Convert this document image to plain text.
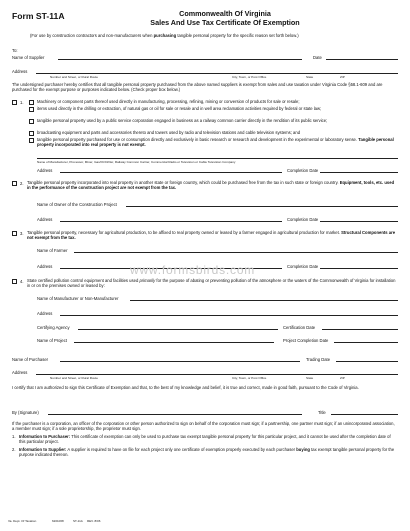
Form ST-11A	Commonwealth Of Virginia
Sales And Use Tax Certificate Of Exemption
(For use by construction contractors and non-manufacturers when purchasing tangible personal property for the specific reason set forth below.)
To:
Name of Supplier	Date
Address
Number and Street, or Rural Route	City, Town, or Post Office	State	ZIP
The undersigned purchaser hereby certifies that all tangible personal property purchased from the above named suppliers is exempt from sales and use taxation under Virginia Code §58.1-609 and are purchased for the exempt purpose or purposes indicated below. (Check proper box below.)
1.	Machinery or component parts thereof used directly in manufacturing, processing, refining, mining or conversion of products for sale or resale;
items used directly in the drilling or extraction, of natural gas or oil for sale or resale and in well area reclamation activities required by federal or state law;
tangible personal property used by a public service corporation engaged in business as a railway common carrier directly in the rendition of its public service;
broadcasting equipment and parts and accessories thereto and towers used by radio and television stations and cable television systems; and
tangible personal property purchased for use or consumption directly and exclusively in basic research or research and development in the experimental or laboratory sense. Tangible personal property incorporated into real property is not exempt.
Name of Manufacturer, Processor, Miner, Gas/Oil Driller, Railway Common Carrier, Commercial Radio or Television or Cable Television Company
Address	Completion Date
2. Tangible personal property incorporated into real property in another state or foreign country, which could be purchased free from the tax in such state or foreign country. Equipment, tools, etc. used in the performance of the construction project are not exempt from the tax.
Name of Owner of the Construction Project
Address	Completion Date
3. Tangible personal property, necessary for agricultural production, to be affixed to real property owned or leased by a farmer engaged in agricultural production for market. Structural Components are not exempt from the tax.
Name of Farmer
Address	Completion Date
4. State certified pollution control equipment and facilities used primarily for the purpose of abating or preventing pollution of the atmosphere or the waters of the Commonwealth of Virginia for installation in or on the premises owned or leased by:
Name of Manufacturer or Non-Manufacturer
Address
Certifying Agency	Certification Date
Name of Project	Project Completion Date
Name of Purchaser	Trading Date
Address
Number and Street, or Rural Route	City, Town, or Post Office	State	ZIP
I certify that I am authorized to sign this Certificate of Exemption and that, to the best of my knowledge and belief, it is true and correct, made in good faith, pursuant to the Code of Virginia.
By (Signature)	Title
If the purchaser is a corporation, an officer of the corporation or other person authorized to sign on behalf of the corporation must sign; if a partnership, one partner must sign; if an unincorporated association, a member must sign; if a sole proprietorship, the proprietor must sign.
1. Information to Purchaser: This certificate of exemption can only be used to purchase tax exempt tangible personal property for this particular project, and it cannot be used after the completion date of this particular project.
2. Information to Supplier: A supplier is required to have on file for each project only one certificate of exemption properly executed by each purchaser buying tax exempt tangible personal property for the purpose indicated thereon.
Va. Dept. Of Taxation	6201068	ST-11A REV. 8/06
www.formsbirds.com
